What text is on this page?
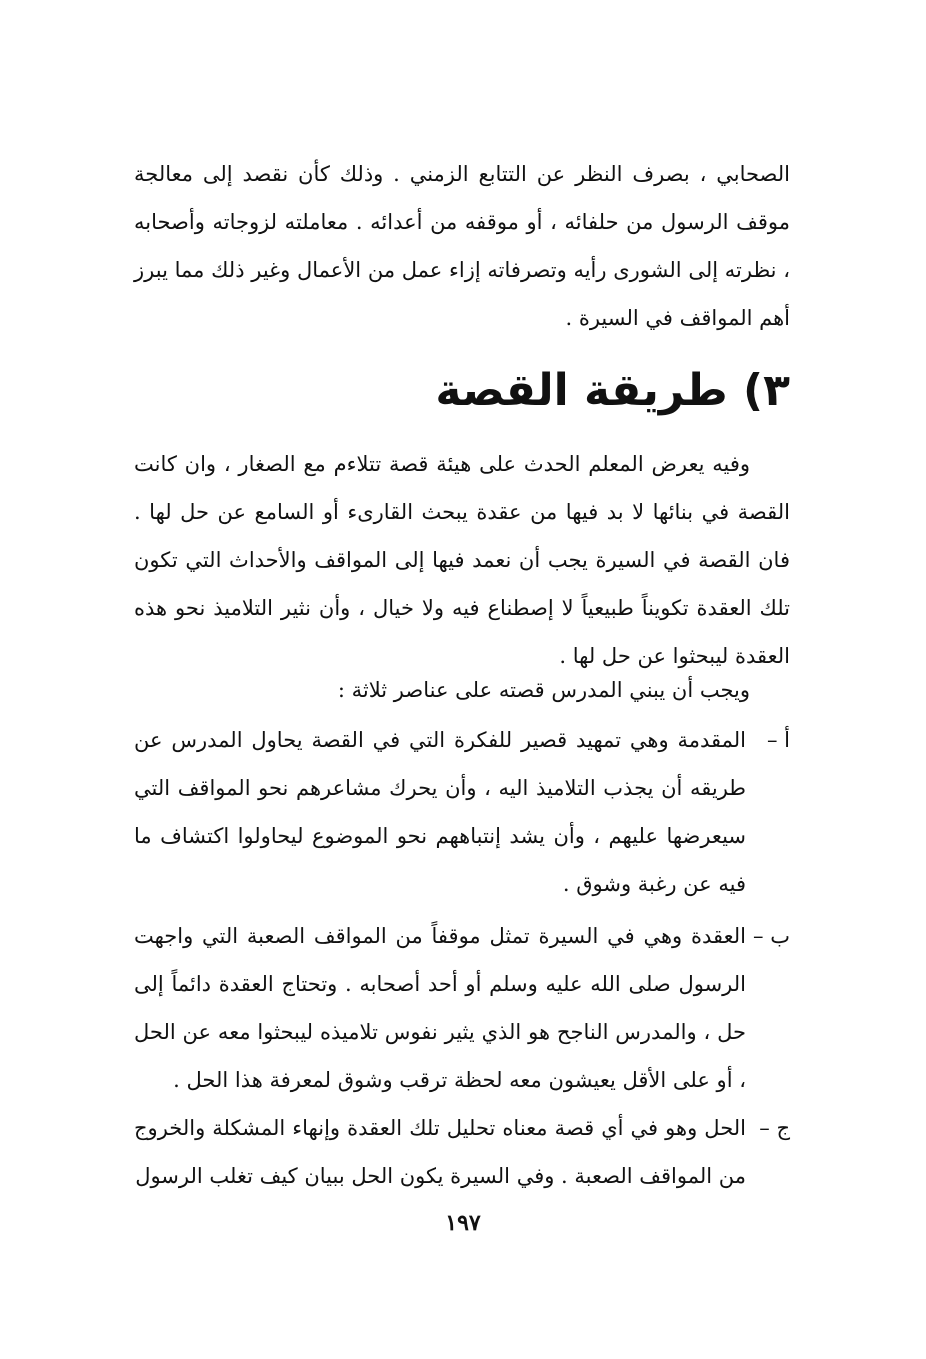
الصحابي ، بصرف النظر عن التتابع الزمني . وذلك كأن نقصد إلى معالجة موقف الرسول من حلفائه ، أو موقفه من أعدائه . معاملته لزوجاته وأصحابه ، نظرته إلى الشورى رأيه وتصرفاته إزاء عمل من الأعمال وغير ذلك مما يبرز أهم المواقف في السيرة .

٣) طريقة القصة

وفيه يعرض المعلم الحدث على هيئة قصة تتلاءم مع الصغار ، وان كانت القصة في بنائها لا بد فيها من عقدة يبحث القارىء أو السامع عن حل لها . فان القصة في السيرة يجب أن نعمد فيها إلى المواقف والأحداث التي تكون تلك العقدة تكويناً طبيعياً لا إصطناع فيه ولا خيال ، وأن نثير التلاميذ نحو هذه العقدة ليبحثوا عن حل لها .

ويجب أن يبني المدرس قصته على عناصر ثلاثة :

أ –
المقدمة وهي تمهيد قصير للفكرة التي في القصة يحاول المدرس عن طريقه أن يجذب التلاميذ اليه ، وأن يحرك مشاعرهم نحو المواقف التي سيعرضها عليهم ، وأن يشد إنتباههم نحو الموضوع ليحاولوا اكتشاف ما فيه عن رغبة وشوق .
ب –
العقدة وهي في السيرة تمثل موقفاً من المواقف الصعبة التي واجهت الرسول صلى الله عليه وسلم أو أحد أصحابه . وتحتاج العقدة دائماً إلى حل ، والمدرس الناجح هو الذي يثير نفوس تلاميذه ليبحثوا معه عن الحل ، أو على الأقل يعيشون معه لحظة ترقب وشوق لمعرفة هذا الحل .
ج –
الحل وهو في أي قصة معناه تحليل تلك العقدة وإنهاء المشكلة والخروج من المواقف الصعبة . وفي السيرة يكون الحل ببيان كيف تغلب الرسول
١٩٧
